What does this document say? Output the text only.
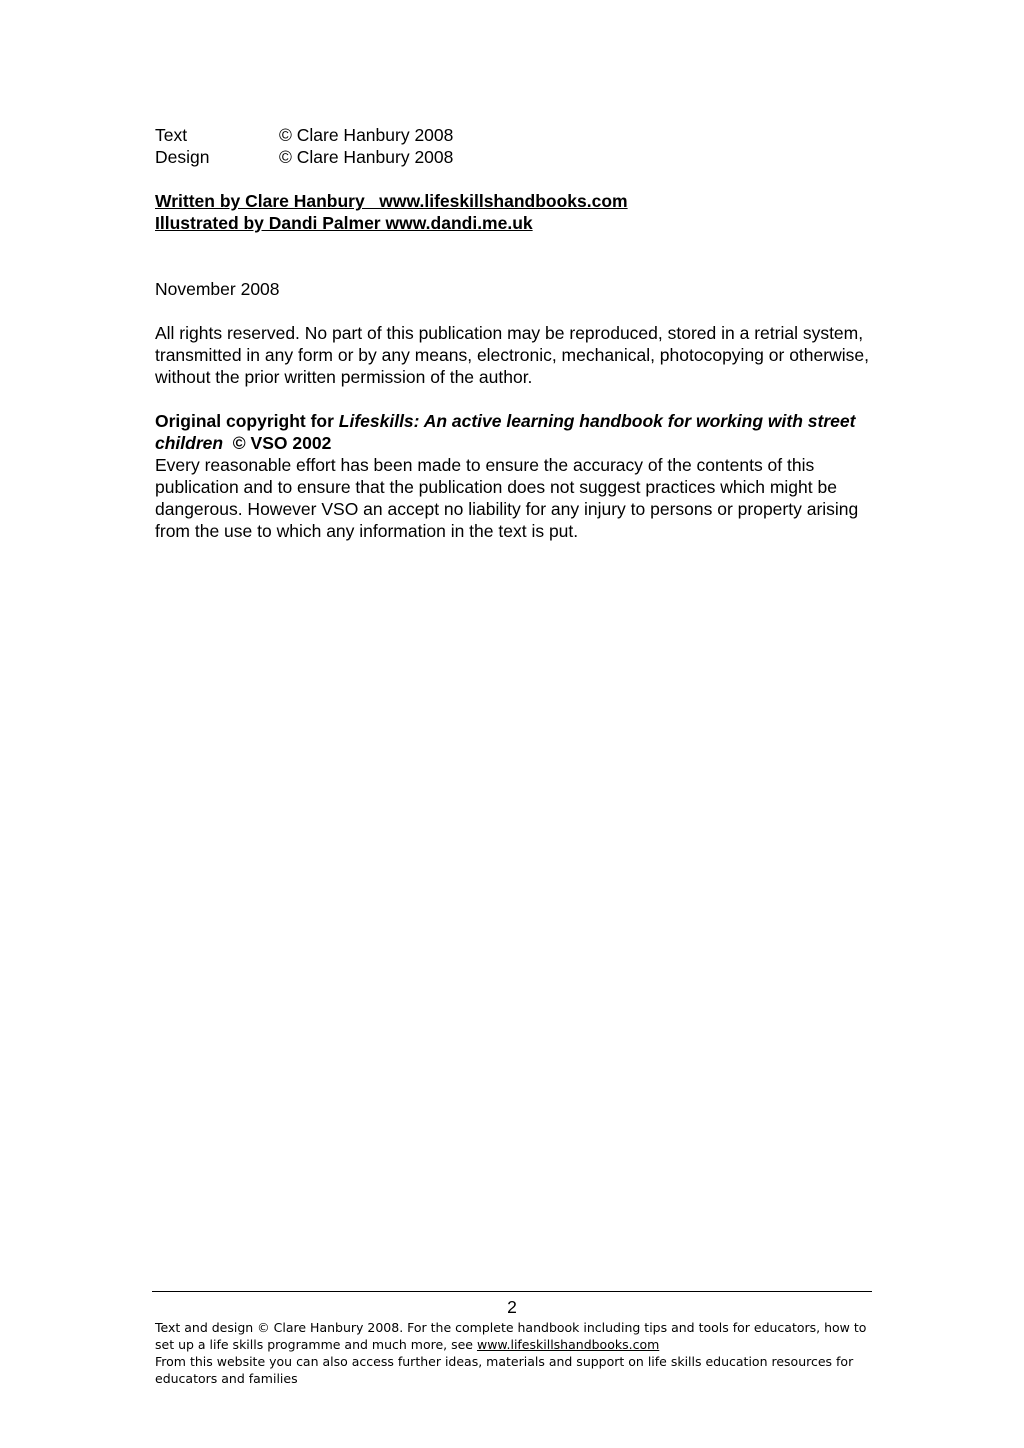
Text	© Clare Hanbury 2008
Design	© Clare Hanbury 2008
Written by Clare Hanbury   www.lifeskillshandbooks.com
Illustrated by Dandi Palmer www.dandi.me.uk
November 2008
All rights reserved. No part of this publication may be reproduced, stored in a retrial system, transmitted in any form or by any means, electronic, mechanical, photocopying or otherwise, without the prior written permission of the author.
Original copyright for Lifeskills: An active learning handbook for working with street children  © VSO 2002
Every reasonable effort has been made to ensure the accuracy of the contents of this publication and to ensure that the publication does not suggest practices which might be dangerous. However VSO an accept no liability for any injury to persons or property arising from the use to which any information in the text is put.
2
Text and design © Clare Hanbury 2008. For the complete handbook including tips and tools for educators, how to set up a life skills programme and much more, see www.lifeskillshandbooks.com
From this website you can also access further ideas, materials and support on life skills education resources for educators and families
